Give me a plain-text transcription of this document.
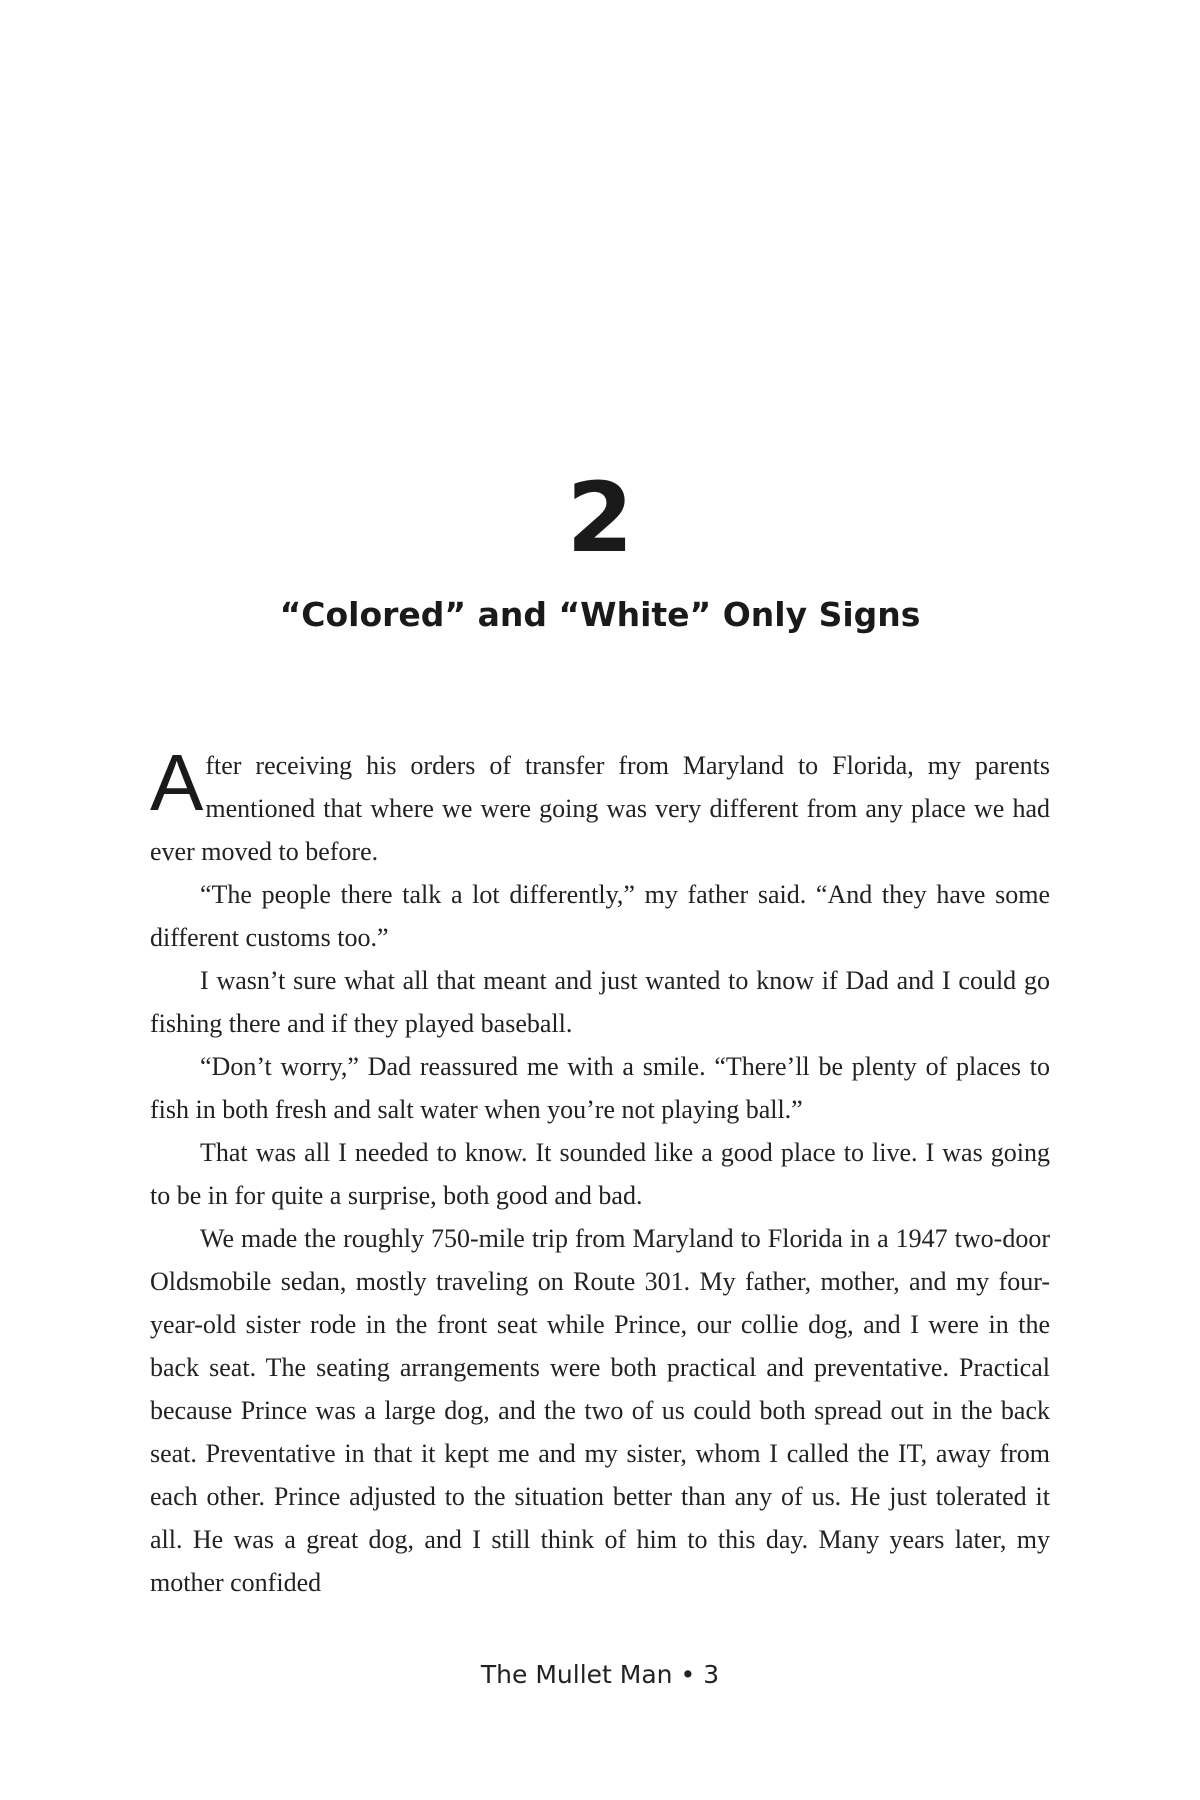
2
“Colored” and “White” Only Signs

After receiving his orders of transfer from Maryland to Florida, my parents mentioned that where we were going was very different from any place we had ever moved to before.

“The people there talk a lot differently,” my father said. “And they have some different customs too.”

I wasn’t sure what all that meant and just wanted to know if Dad and I could go fishing there and if they played baseball.

“Don’t worry,” Dad reassured me with a smile. “There’ll be plenty of places to fish in both fresh and salt water when you’re not playing ball.”

That was all I needed to know. It sounded like a good place to live. I was going to be in for quite a surprise, both good and bad.

We made the roughly 750-mile trip from Maryland to Florida in a 1947 two-door Oldsmobile sedan, mostly traveling on Route 301. My father, mother, and my four-year-old sister rode in the front seat while Prince, our collie dog, and I were in the back seat. The seating arrangements were both practical and preventative. Practical because Prince was a large dog, and the two of us could both spread out in the back seat. Preventative in that it kept me and my sister, whom I called the IT, away from each other. Prince adjusted to the situation better than any of us. He just tolerated it all. He was a great dog, and I still think of him to this day. Many years later, my mother confided

The Mullet Man • 3
